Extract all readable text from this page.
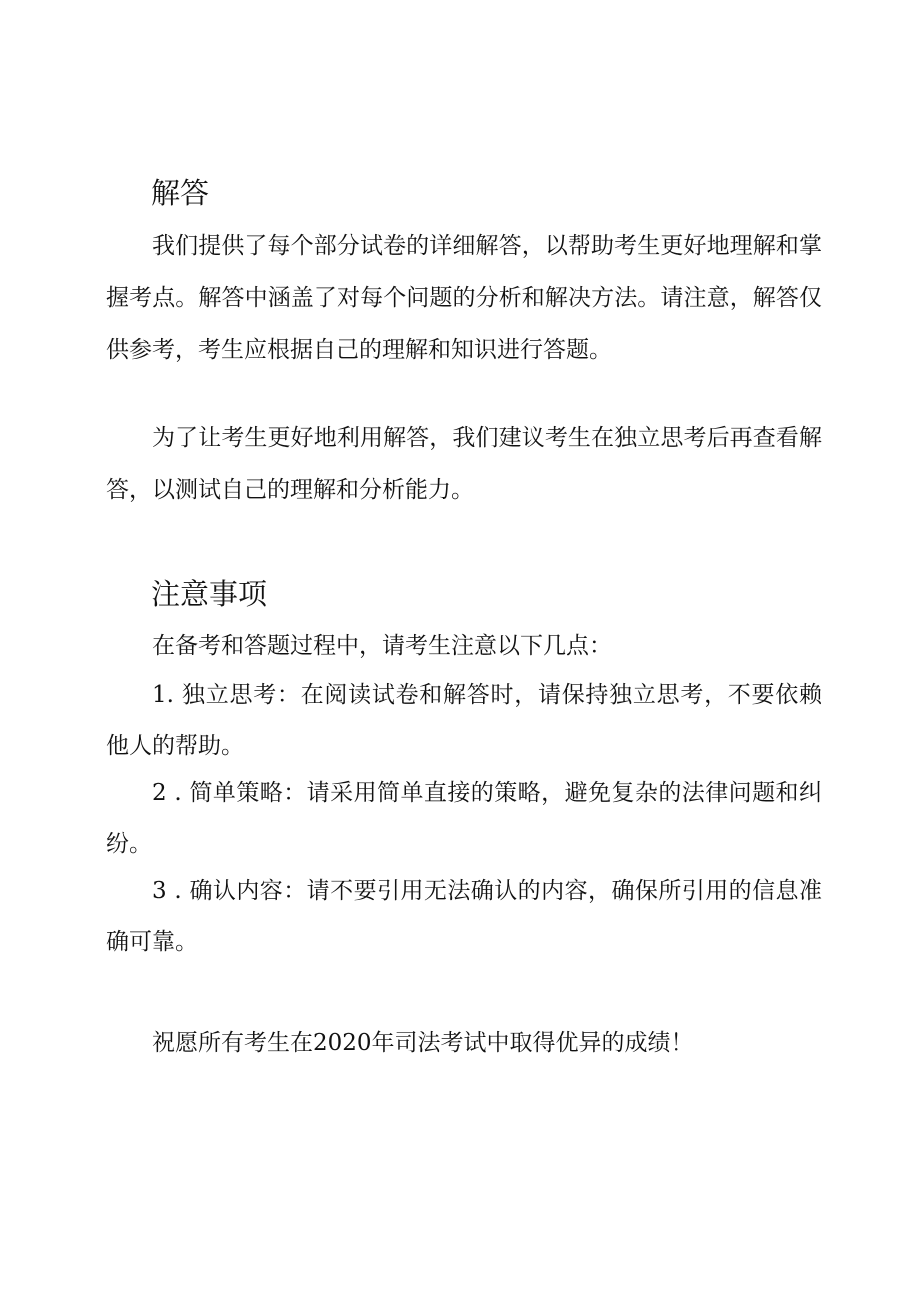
解答

我们提供了每个部分试卷的详细解答，以帮助考生更好地理解和掌握考点。解答中涵盖了对每个问题的分析和解决方法。请注意，解答仅供参考，考生应根据自己的理解和知识进行答题。

为了让考生更好地利用解答，我们建议考生在独立思考后再查看解答，以测试自己的理解和分析能力。

注意事项

在备考和答题过程中，请考生注意以下几点：

1. 独立思考：在阅读试卷和解答时，请保持独立思考，不要依赖他人的帮助。

2 . 简单策略：请采用简单直接的策略，避免复杂的法律问题和纠纷。

3 . 确认内容：请不要引用无法确认的内容，确保所引用的信息准确可靠。

祝愿所有考生在2020年司法考试中取得优异的成绩！
